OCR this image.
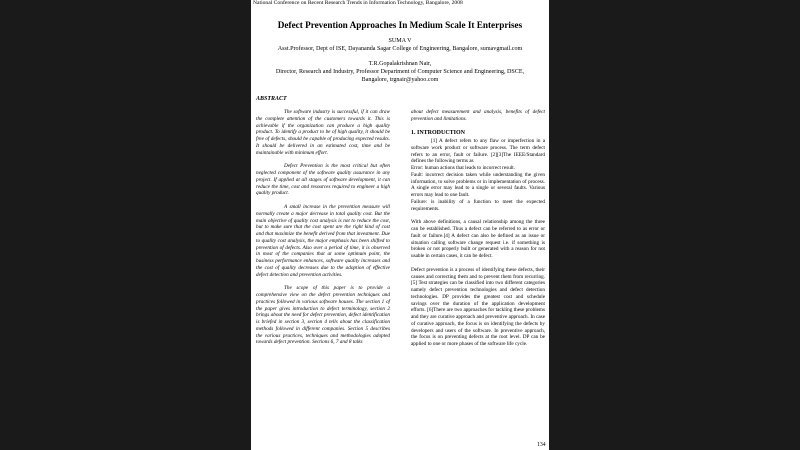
National Conference on Recent Research Trends in Information Technology, Bangalore, 2008
Defect Prevention Approaches In Medium Scale It Enterprises
SUMA V
Asst.Professor, Dept of ISE, Dayananda Sagar College of Engineering, Bangalore, sumavgmail.com
T.R.Gopalakrishnan Nair,
Director, Research and Industry, Professor Department of Computer Science and Engineering, DSCE,
Bangalore, trgnair@yahoo.com
ABSTRACT

The software industry is successful, if it can draw the complete attention of the customers towards it. This is achievable if the organization can produce a high quality product. To identify a product to be of high quality, it should be free of defects, should be capable of producing expected results. It should be delivered in an estimated cost, time and be maintainable with minimum effort.

Defect Prevention is the most critical but often neglected component of the software quality assurance in any project. If applied at all stages of software development, it can reduce the time, cost and resources required to engineer a high quality product.

A small increase in the prevention measure will normally create a major decrease in total quality cost. But the main objective of quality cost analysis is not to reduce the cost, but to make sure that the cost spent are the right kind of cost and that maximize the benefit derived from that investment. Due to quality cost analysis, the major emphasis has been shifted to prevention of defects. Also over a period of time, it is observed in most of the companies that at some optimum point, the business performance enhances, software quality increases and the cost of quality decreases due to the adoption of effective defect detection and prevention activities.

The scope of this paper is to provide a comprehensive view on the defect prevention techniques and practices followed in various software houses. The section 1 of the paper gives introduction to defect terminology, section 2 brings about the need for defect prevention, defect identification is briefed in section 3, section 4 tells about the classification methods followed in different companies. Section 5 describes the various practices, techniques and methodologies adopted towards defect prevention. Sections 6, 7 and 8 talks

about defect measurement and analysis, benefits of defect prevention and limitations.
1. INTRODUCTION

[1] A defect refers to any flaw or imperfection in a software work product or software process. The term defect refers to an error, fault or failure. [2][3]The IEEE/Standard defines the following terms as

Error: human actions that leads to incorrect result.

Fault: incorrect decision taken while understanding the given information, to solve problems or in implementation of process. A single error may lead to a single or several faults. Various errors may lead to one fault.

Failure: is inability of a function to meet the expected requirements.

With above definitions, a causal relationship among the three can be established. Thus a defect can be referred to as error or fault or failure.[4] A defect can also be defined as an issue or situation calling software change request i.e. if something is broken or not properly built or generated with a reason for not usable in certain cases, it can be defect.

Defect prevention is a process of identifying these defects, their causes and correcting them and to prevent them from recurring. [5] Test strategies can be classified into two different categories namely defect prevention technologies and defect detection technologies. DP provides the greatest cost and schedule savings over the duration of the application development efforts. [6]There are two approaches for tackling these problems and they are curative approach and preventive approach. In case of curative approach, the focus is on identifying the defects by developers and users of the software. In preventive approach, the focus is on preventing defects at the root level. DP can be applied to one or more phases of the software life cycle.

134
